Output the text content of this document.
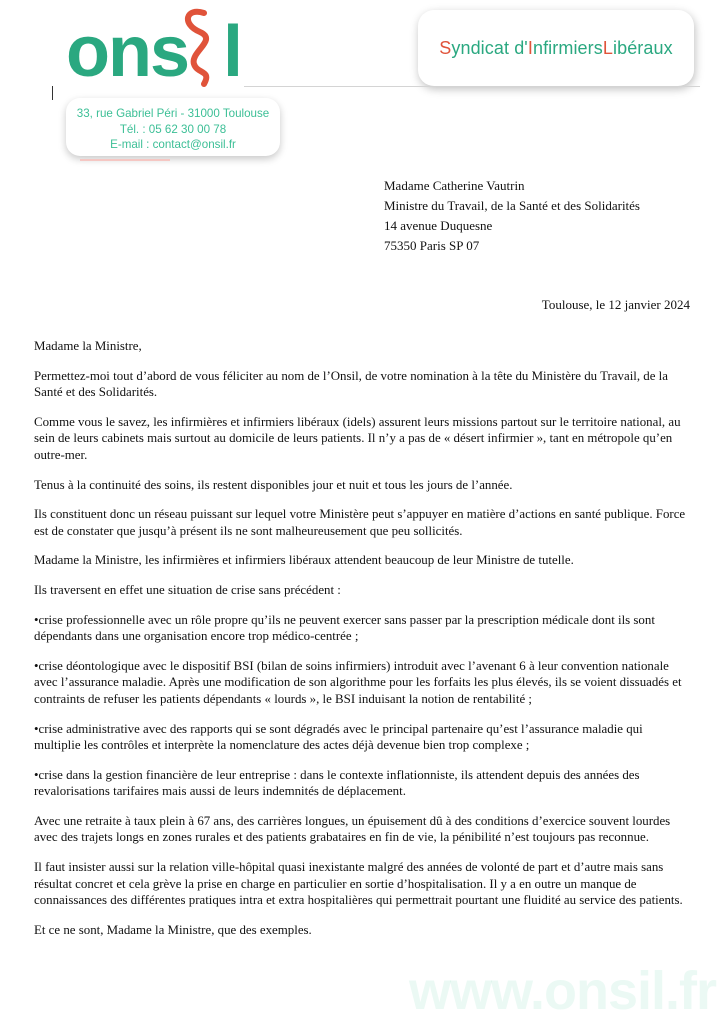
ons l	S yndicat d' I nfirmiers L ibéraux
33, rue Gabriel Péri - 31000 Toulouse
Tél. : 05 62 30 00 78
E-mail : contact@onsil.fr
Madame Catherine Vautrin
Ministre du Travail, de la Santé et des Solidarités
14 avenue Duquesne
75350 Paris SP 07
Toulouse, le 12 janvier 2024

Madame la Ministre,

Permettez-moi tout d’abord de vous féliciter au nom de l’Onsil, de votre nomination à la tête du Ministère du Travail, de la Santé et des Solidarités.

Comme vous le savez, les infirmières et infirmiers libéraux (idels) assurent leurs missions partout sur le territoire national, au sein de leurs cabinets mais surtout au domicile de leurs patients. Il n’y a pas de « désert infirmier », tant en métropole qu’en outre-mer.

Tenus à la continuité des soins, ils restent disponibles jour et nuit et tous les jours de l’année.

Ils constituent donc un réseau puissant sur lequel votre Ministère peut s’appuyer en matière d’actions en santé publique. Force est de constater que jusqu’à présent ils ne sont malheureusement que peu sollicités.

Madame la Ministre, les infirmières et infirmiers libéraux attendent beaucoup de leur Ministre de tutelle.

Ils traversent en effet une situation de crise sans précédent :

•crise professionnelle avec un rôle propre qu’ils ne peuvent exercer sans passer par la prescription médicale dont ils sont dépendants dans une organisation encore trop médico-centrée ;

•crise déontologique avec le dispositif BSI (bilan de soins infirmiers) introduit avec l’avenant 6 à leur convention nationale avec l’assurance maladie. Après une modification de son algorithme pour les forfaits les plus élevés, ils se voient dissuadés et contraints de refuser les patients dépendants « lourds », le BSI induisant la notion de rentabilité ;

•crise administrative avec des rapports qui se sont dégradés avec le principal partenaire qu’est l’assurance maladie qui multiplie les contrôles et interprète la nomenclature des actes déjà devenue bien trop complexe ;

•crise dans la gestion financière de leur entreprise : dans le contexte inflationniste, ils attendent depuis des années des revalorisations tarifaires mais aussi de leurs indemnités de déplacement.

Avec une retraite à taux plein à 67 ans, des carrières longues, un épuisement dû à des conditions d’exercice souvent lourdes avec des trajets longs en zones rurales et des patients grabataires en fin de vie, la pénibilité n’est toujours pas reconnue.

Il faut insister aussi sur la relation ville-hôpital quasi inexistante malgré des années de volonté de part et d’autre mais sans résultat concret et cela grève la prise en charge en particulier en sortie d’hospitalisation. Il y a en outre un manque de connaissances des différentes pratiques intra et extra hospitalières qui permettrait pourtant une fluidité au service des patients.

Et ce ne sont, Madame la Ministre, que des exemples.

www.onsil.fr
